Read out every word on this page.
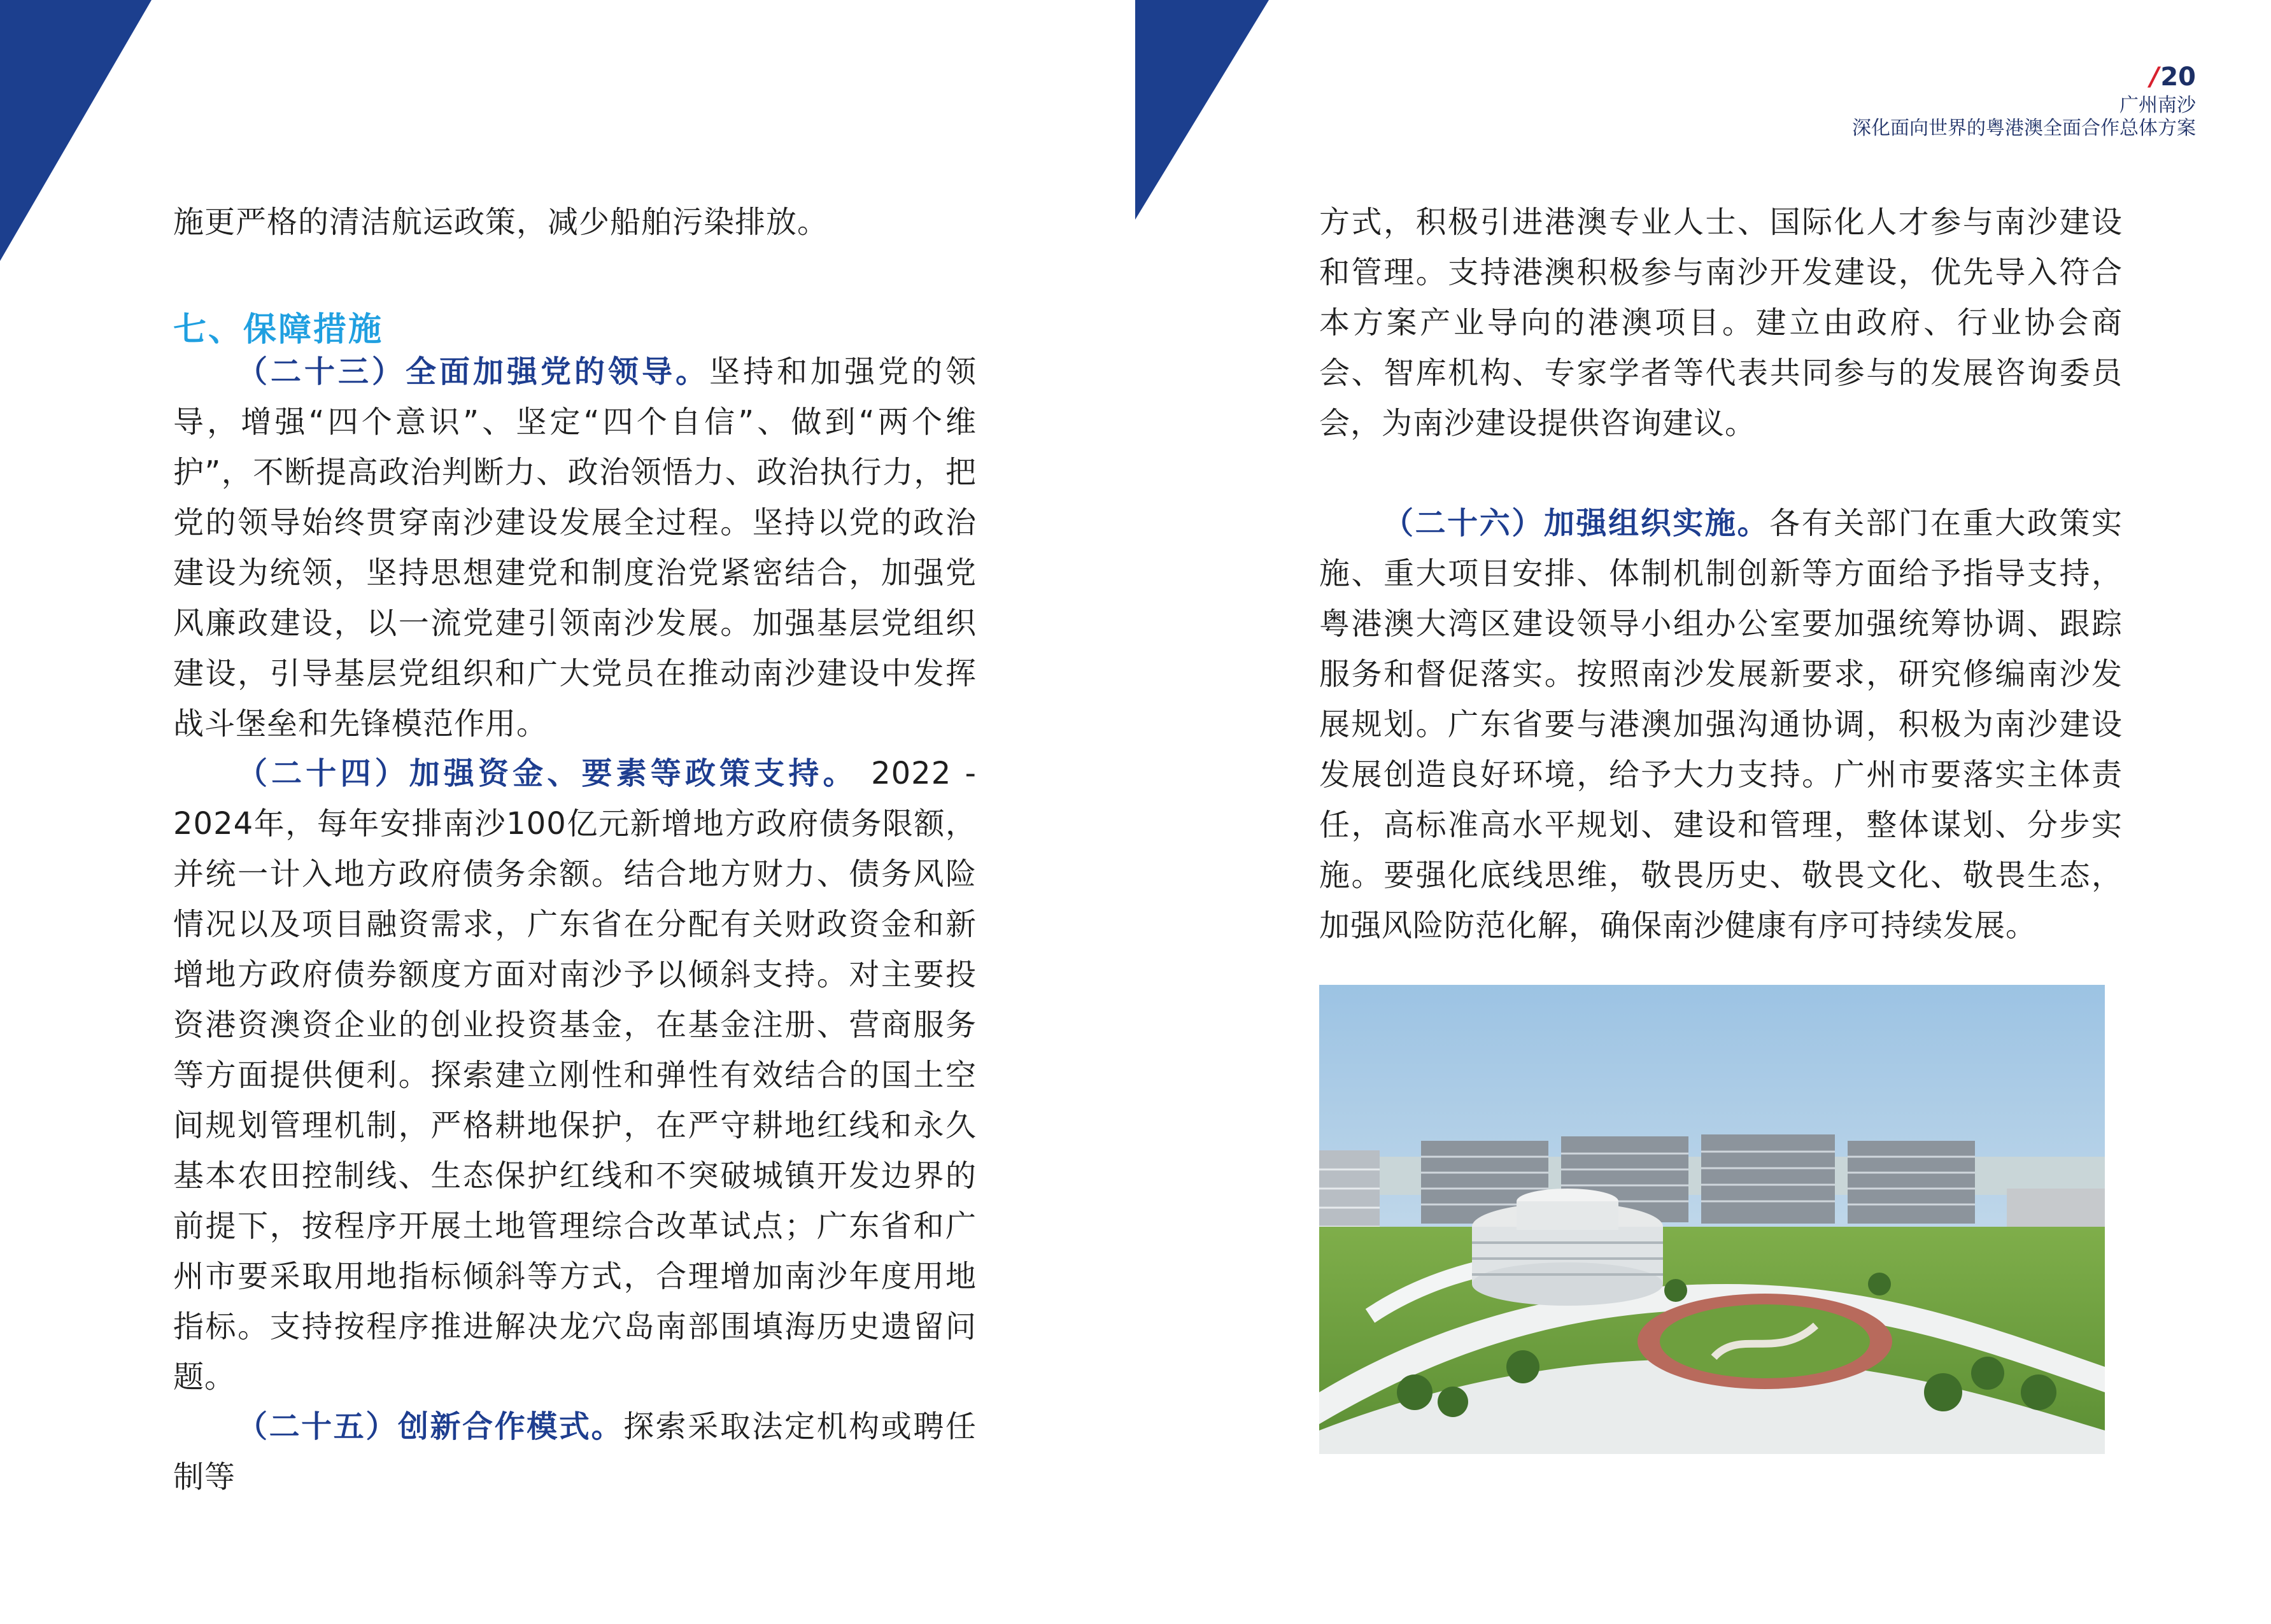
施更严格的清洁航运政策，减少船舶污染排放。

七、保障措施

（二十三）全面加强党的领导。坚持和加强党的领导，增强“四个意识”、坚定“四个自信”、做到“两个维护”，不断提高政治判断力、政治领悟力、政治执行力，把党的领导始终贯穿南沙建设发展全过程。坚持以党的政治建设为统领，坚持思想建党和制度治党紧密结合，加强党风廉政建设，以一流党建引领南沙发展。加强基层党组织建设，引导基层党组织和广大党员在推动南沙建设中发挥战斗堡垒和先锋模范作用。

（二十四）加强资金、要素等政策支持。 2022 - 2024年，每年安排南沙100亿元新增地方政府债务限额，并统一计入地方政府债务余额。结合地方财力、债务风险情况以及项目融资需求，广东省在分配有关财政资金和新增地方政府债券额度方面对南沙予以倾斜支持。对主要投资港资澳资企业的创业投资基金，在基金注册、营商服务等方面提供便利。探索建立刚性和弹性有效结合的国土空间规划管理机制，严格耕地保护，在严守耕地红线和永久基本农田控制线、生态保护红线和不突破城镇开发边界的前提下，按程序开展土地管理综合改革试点；广东省和广州市要采取用地指标倾斜等方式，合理增加南沙年度用地指标。支持按程序推进解决龙穴岛南部围填海历史遗留问题。

（二十五）创新合作模式。探索采取法定机构或聘任制等

/20
广州南沙
深化面向世界的粤港澳全面合作总体方案

方式，积极引进港澳专业人士、国际化人才参与南沙建设和管理。支持港澳积极参与南沙开发建设，优先导入符合本方案产业导向的港澳项目。建立由政府、行业协会商会、智库机构、专家学者等代表共同参与的发展咨询委员会，为南沙建设提供咨询建议。

（二十六）加强组织实施。各有关部门在重大政策实施、重大项目安排、体制机制创新等方面给予指导支持，粤港澳大湾区建设领导小组办公室要加强统筹协调、跟踪服务和督促落实。按照南沙发展新要求，研究修编南沙发展规划。广东省要与港澳加强沟通协调，积极为南沙建设发展创造良好环境，给予大力支持。广州市要落实主体责任，高标准高水平规划、建设和管理，整体谋划、分步实施。要强化底线思维，敬畏历史、敬畏文化、敬畏生态，加强风险防范化解，确保南沙健康有序可持续发展。
